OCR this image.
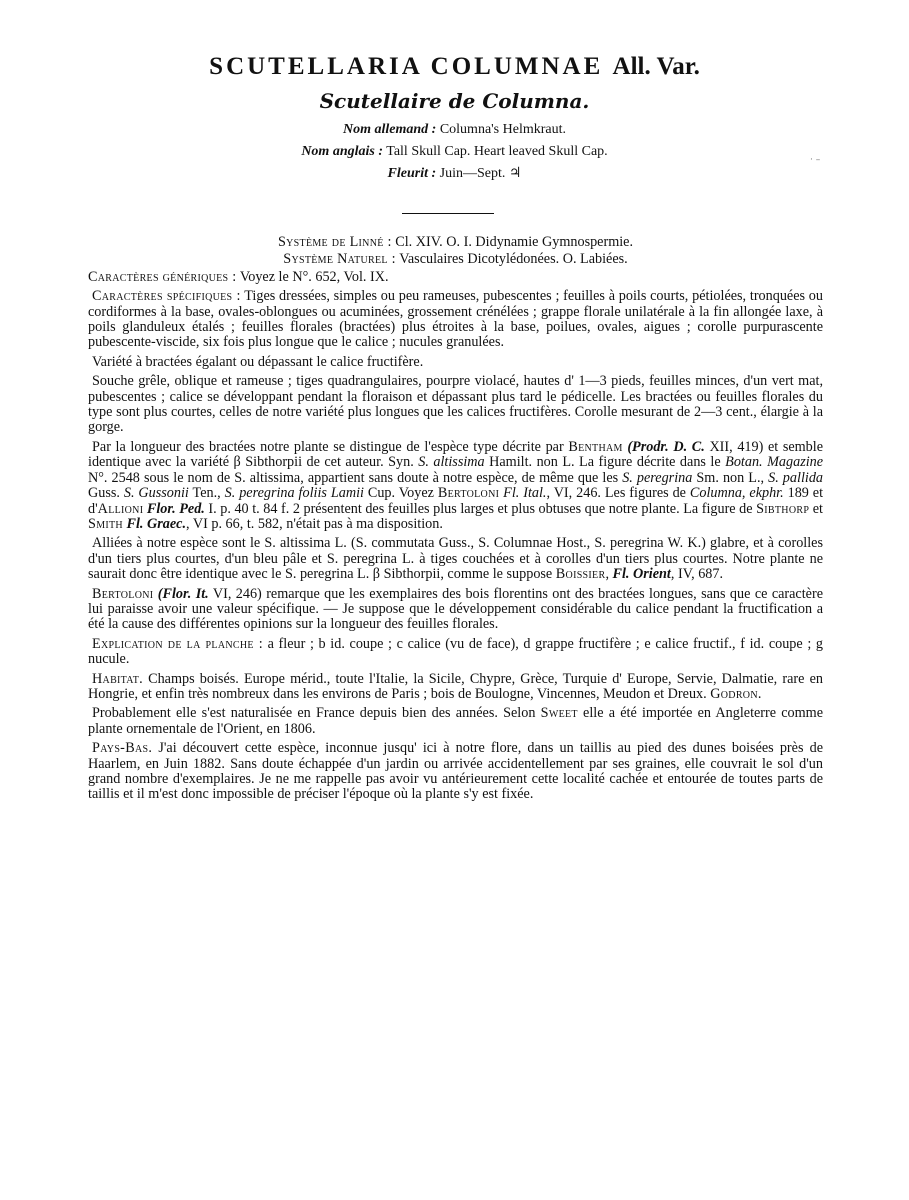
SCUTELLARIA COLUMNAE All. Var.
Scutellaire de Columna.
Nom allemand : Columna's Helmkraut.
Nom anglais : Tall Skull Cap. Heart leaved Skull Cap.
Fleurit : Juin—Sept. ♃
· –

Système de Linné : Cl. XIV. O. I. Didynamie Gymnospermie.

Système Naturel : Vasculaires Dicotylédonées. O. Labiées.

Caractères génériques : Voyez le N°. 652, Vol. IX.

Caractères spécifiques : Tiges dressées, simples ou peu rameuses, pubescentes ; feuilles à poils courts, pétiolées, tronquées ou cordiformes à la base, ovales-oblongues ou acuminées, grossement crénélées ; grappe florale unilatérale à la fin allongée laxe, à poils glanduleux étalés ; feuilles florales (bractées) plus étroites à la base, poilues, ovales, aigues ; corolle purpurascente pubescente-viscide, six fois plus longue que le calice ; nucules granulées.

Variété à bractées égalant ou dépassant le calice fructifère.

Souche grêle, oblique et rameuse ; tiges quadrangulaires, pourpre violacé, hautes d' 1—3 pieds, feuilles minces, d'un vert mat, pubescentes ; calice se développant pendant la floraison et dépassant plus tard le pédicelle. Les bractées ou feuilles florales du type sont plus courtes, celles de notre variété plus longues que les calices fructifères. Corolle mesurant de 2—3 cent., élargie à la gorge.

Par la longueur des bractées notre plante se distingue de l'espèce type décrite par Bentham (Prodr. D. C. XII, 419) et semble identique avec la variété β Sibthorpii de cet auteur. Syn. S. altissima Hamilt. non L. La figure décrite dans le Botan. Magazine N°. 2548 sous le nom de S. altissima, appartient sans doute à notre espèce, de même que les S. peregrina Sm. non L., S. pallida Guss. S. Gussonii Ten., S. peregrina foliis Lamii Cup. Voyez Bertoloni Fl. Ital., VI, 246. Les figures de Columna, ekphr. 189 et d'Allioni Flor. Ped. I. p. 40 t. 84 f. 2 présentent des feuilles plus larges et plus obtuses que notre plante. La figure de Sibthorp et Smith Fl. Graec., VI p. 66, t. 582, n'était pas à ma disposition.

Alliées à notre espèce sont le S. altissima L. (S. commutata Guss., S. Columnae Host., S. peregrina W. K.) glabre, et à corolles d'un tiers plus courtes, d'un bleu pâle et S. peregrina L. à tiges couchées et à corolles d'un tiers plus courtes. Notre plante ne saurait donc être identique avec le S. peregrina L. β Sibthorpii, comme le suppose Boissier, Fl. Orient, IV, 687.

Bertoloni (Flor. It. VI, 246) remarque que les exemplaires des bois florentins ont des bractées longues, sans que ce caractère lui paraisse avoir une valeur spécifique. — Je suppose que le développement considérable du calice pendant la fructification a été la cause des différentes opinions sur la longueur des feuilles florales.

Explication de la planche : a fleur ; b id. coupe ; c calice (vu de face), d grappe fructifère ; e calice fructif., f id. coupe ; g nucule.

Habitat. Champs boisés. Europe mérid., toute l'Italie, la Sicile, Chypre, Grèce, Turquie d' Europe, Servie, Dalmatie, rare en Hongrie, et enfin très nombreux dans les environs de Paris ; bois de Boulogne, Vincennes, Meudon et Dreux. Godron.

Probablement elle s'est naturalisée en France depuis bien des années. Selon Sweet elle a été importée en Angleterre comme plante ornementale de l'Orient, en 1806.

Pays-Bas. J'ai découvert cette espèce, inconnue jusqu' ici à notre flore, dans un taillis au pied des dunes boisées près de Haarlem, en Juin 1882. Sans doute échappée d'un jardin ou arrivée accidentellement par ses graines, elle couvrait le sol d'un grand nombre d'exemplaires. Je ne me rappelle pas avoir vu antérieurement cette localité cachée et entourée de toutes parts de taillis et il m'est donc impossible de préciser l'époque où la plante s'y est fixée.
